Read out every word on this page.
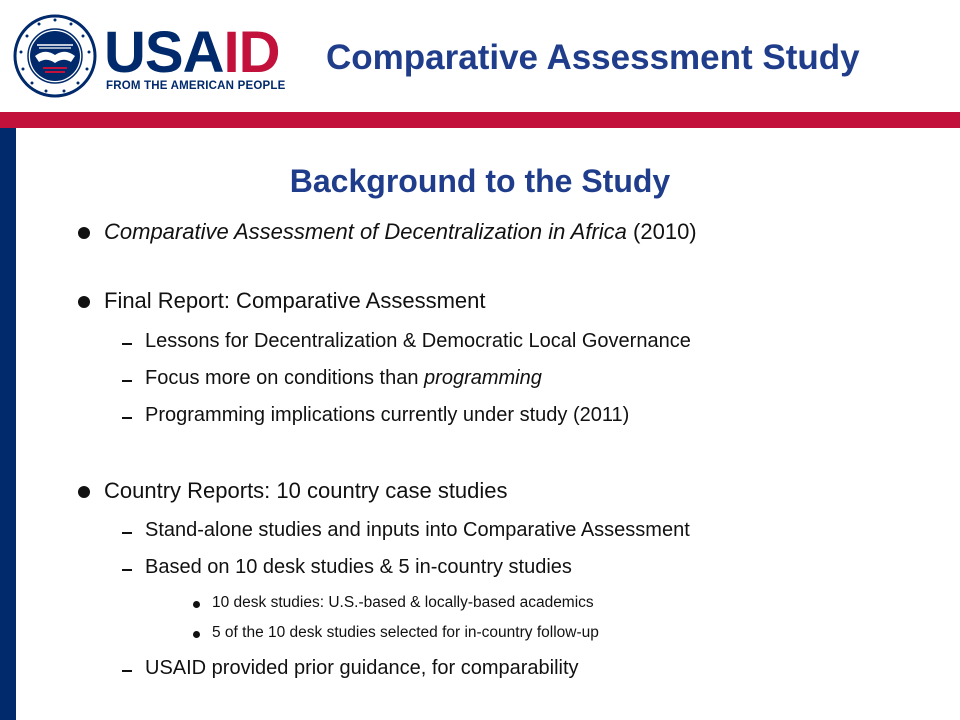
USAID
FROM THE AMERICAN PEOPLE
Comparative Assessment Study
Background to the Study
Comparative Assessment of Decentralization in Africa (2010)
Final Report: Comparative Assessment
Lessons for Decentralization & Democratic Local Governance
Focus more on conditions than programming
Programming implications currently under study (2011)
Country Reports: 10 country case studies
Stand-alone studies and inputs into Comparative Assessment
Based on 10 desk studies & 5 in-country studies
10 desk studies: U.S.-based & locally-based academics
5 of the 10 desk studies selected for in-country follow-up
USAID provided prior guidance, for comparability
